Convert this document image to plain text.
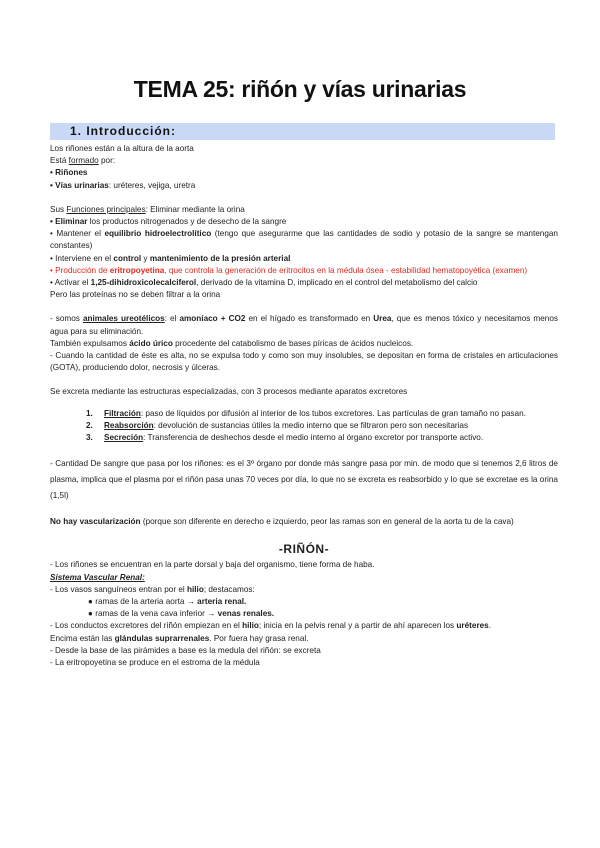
TEMA 25: riñón y vías urinarias
1. Introducción:

Los riñones están a la altura de la aorta

Está formado por:

• Riñones

• Vías urinarias: uréteres, vejiga, uretra

Sus Funciones principales: Eliminar mediante la orina

• Eliminar los productos nitrogenados y de desecho de la sangre

• Mantener el equilibrio hidroelectrolítico (tengo que asegurarme que las cantidades de sodio y potasio de la sangre se mantengan constantes)

• Interviene en el control y mantenimiento de la presión arterial

• Producción de eritropoyetina, que controla la generación de eritrocitos en la médula ósea - estabilidad hematopoyética (examen)

• Activar el 1,25-dihidroxicolecalciferol, derivado de la vitamina D, implicado en el control del metabolismo del calcio

Pero las proteínas no se deben filtrar a la orina

- somos animales ureotélicos: el amoníaco + CO2 en el hígado es transformado en Urea, que es menos tóxico y necesitamos menos agua para su eliminación.

También expulsamos ácido úrico procedente del catabolismo de bases píricas de ácidos nucleicos.

- Cuando la cantidad de éste es alta, no se expulsa todo y como son muy insolubles, se depositan en forma de cristales en articulaciones (GOTA), produciendo dolor, necrosis y úlceras.

Se excreta mediante las estructuras especializadas, con 3 procesos mediante aparatos excretores

1. Filtración: paso de líquidos por difusión al interior de los tubos excretores. Las partículas de gran tamaño no pasan.

2. Reabsorción: devolución de sustancias útiles la medio interno que se filtraron pero son necesitarias

3. Secreción: Transferencia de deshechos desde el medio interno al órgano excretor por transporte activo.

- Cantidad De sangre que pasa por los riñones: es el 3º órgano por donde más sangre pasa por min. de modo que si tenemos 2,6 litros de plasma, implica que el plasma por el riñón pasa unas 70 veces por día, lo que no se excreta es reabsorbido y lo que se excretae es la orina (1,5l)

No hay vascularización (porque son diferente en derecho e izquierdo, peor las ramas son en general de la aorta tu de la cava)

-RIÑÓN-

- Los riñones se encuentran en la parte dorsal y baja del organismo, tiene forma de haba.

Sistema Vascular Renal:

- Los vasos sanguíneos entran por el hilio; destacamos:

● ramas de la arteria aorta → arteria renal.

● ramas de la vena cava inferior → venas renales.

- Los conductos excretores del riñón empiezan en el hilio; inicia en la pelvis renal y a partir de ahí aparecen los uréteres.

Encima están las glándulas suprarrenales. Por fuera hay grasa renal.

- Desde la base de las pirámides a base es la medula del riñón: se excreta

- La eritropoyetina se produce en el estroma de la médula
